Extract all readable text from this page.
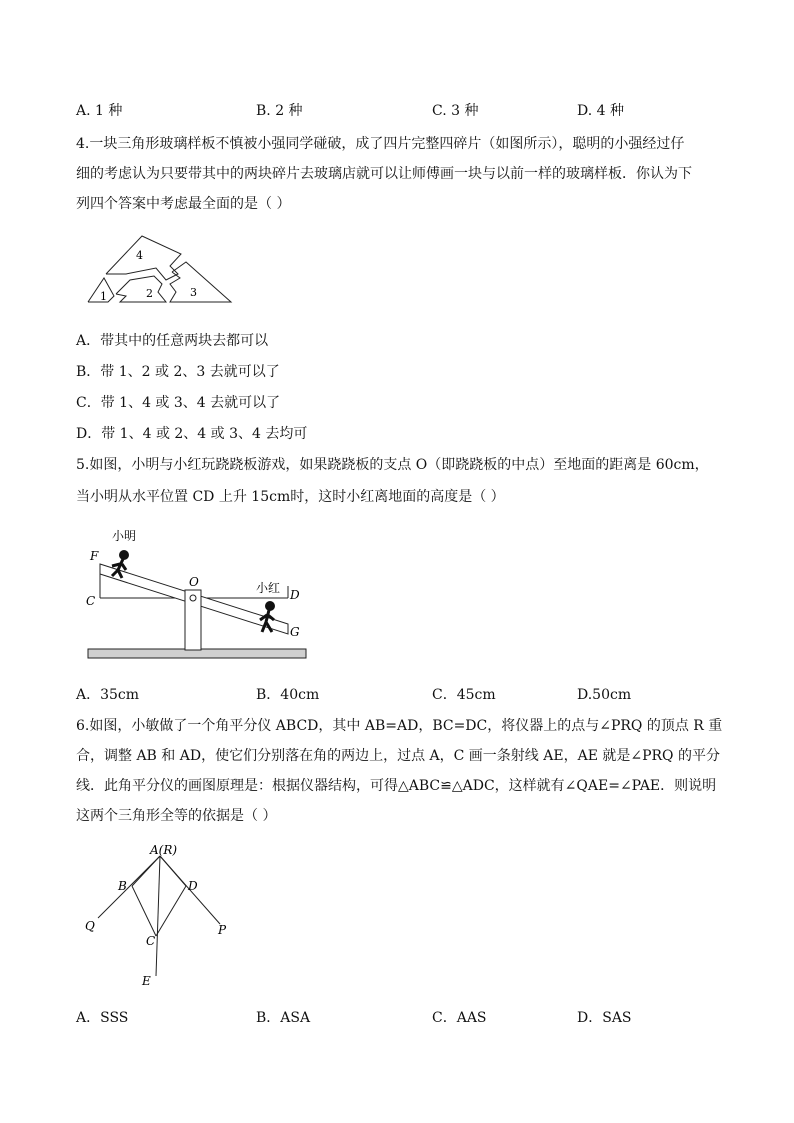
A. 1 种	B. 2 种	C. 3 种	D. 4 种
4.一块三角形玻璃样板不慎被小强同学碰破，成了四片完整四碎片（如图所示），聪明的小强经过仔
细的考虑认为只要带其中的两块碎片去玻璃店就可以让师傅画一块与以前一样的玻璃样板．你认为下
列四个答案中考虑最全面的是（ ）
4
1	2	3
A．带其中的任意两块去都可以
B．带 1、2 或 2、3 去就可以了
C．带 1、4 或 3、4 去就可以了
D．带 1、4 或 2、4 或 3、4 去均可
5.如图，小明与小红玩跷跷板游戏，如果跷跷板的支点 O（即跷跷板的中点）至地面的距离是 60cm，
当小明从水平位置 CD 上升 15cm时，这时小红离地面的高度是（ ）
小明
小红
F
C
O
D
G
A．35cm	B．40cm	C．45cm	D.50cm
6.如图，小敏做了一个角平分仪 ABCD，其中 AB=AD，BC=DC，将仪器上的点与∠PRQ 的顶点 R 重
合，调整 AB 和 AD，使它们分别落在角的两边上，过点 A，C 画一条射线 AE，AE 就是∠PRQ 的平分
线．此角平分仪的画图原理是：根据仪器结构，可得△ABC≌△ADC，这样就有∠QAE=∠PAE．则说明
这两个三角形全等的依据是（ ）
A(R)
B	D
Q
C
P
E
A．SSS	B．ASA	C．AAS	D．SAS
